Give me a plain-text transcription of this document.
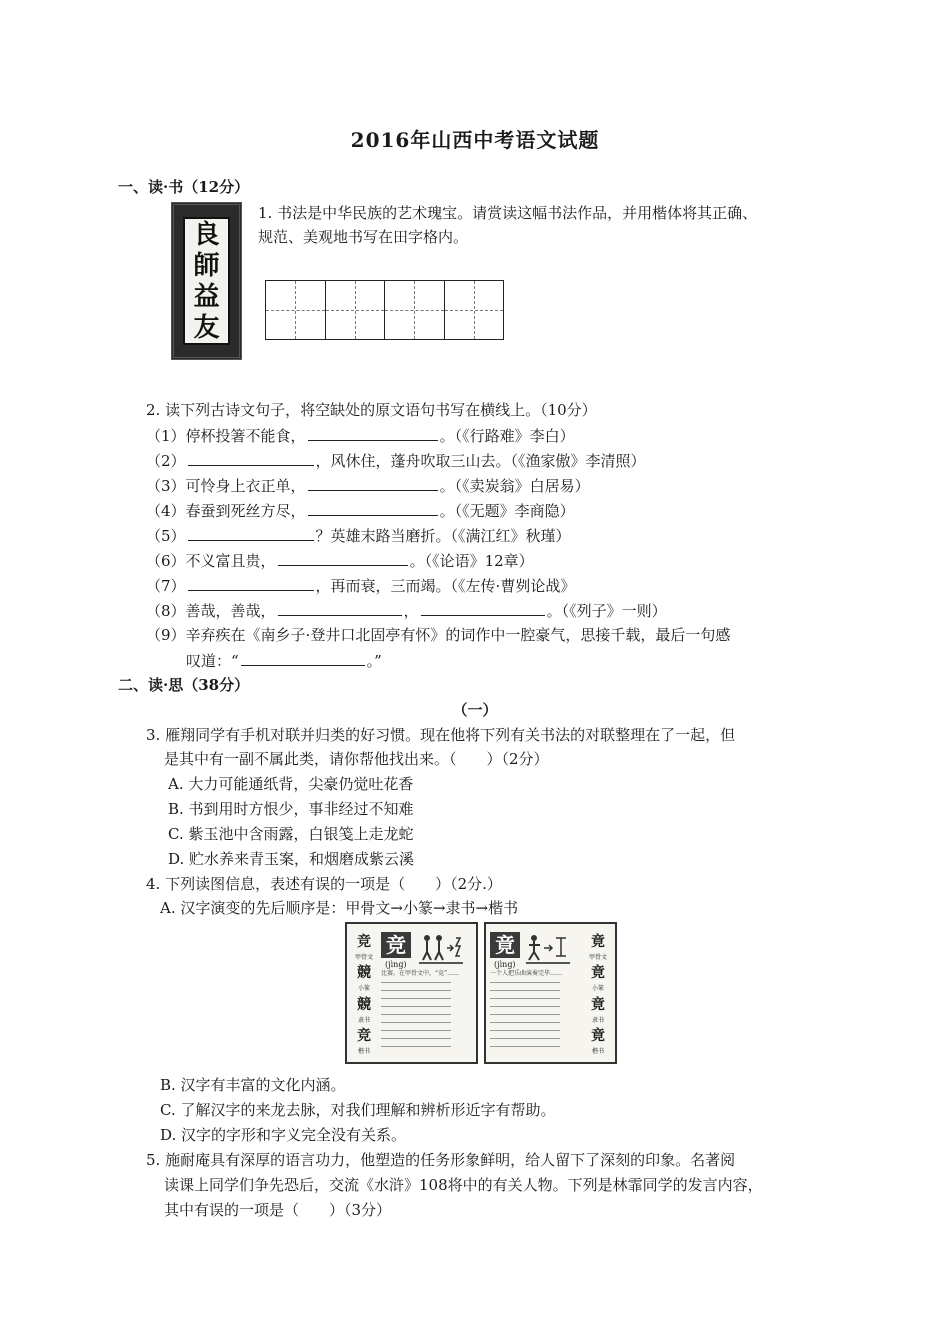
2016年山西中考语文试题
一、读·书（12分）
良
師
益
友
1. 书法是中华民族的艺术瑰宝。请赏读这幅书法作品，并用楷体将其正确、
规范、美观地书写在田字格内。
2. 读下列古诗文句子，将空缺处的原文语句书写在横线上。（10分）
（1）停杯投箸不能食，	。（《行路难》李白）
（2）	，风休住，蓬舟吹取三山去。（《渔家傲》李清照）
（3）可怜身上衣正单，	。（《卖炭翁》白居易）
（4）春蚕到死丝方尽，	。（《无题》李商隐）
（5）	？英雄末路当磨折。（《满江红》秋瑾）
（6）不义富且贵，	。（《论语》12章）
（7）	，再而衰，三而竭。（《左传·曹刿论战》
（8）善哉，善哉，	，	。（《列子》一则）
（9）辛弃疾在《南乡子·登井口北固亭有怀》的词作中一腔豪气，思接千载，最后一句感
叹道：“	。”
二、读·思（38分）
（一）
3. 雁翔同学有手机对联并归类的好习惯。现在他将下列有关书法的对联整理在了一起，但
是其中有一副不属此类，请你帮他找出来。（　　）（2分）
A. 大力可能通纸背，尖豪仍觉吐花香
B. 书到用时方恨少，事非经过不知难
C. 紫玉池中含雨露，白银笺上走龙蛇
D. 贮水养来青玉案，和烟磨成紫云溪
4. 下列读图信息，表述有误的一项是（　　）（2分.）
A. 汉字演变的先后顺序是：甲骨文→小篆→隶书→楷书
竞
甲骨文
競
小篆
競
隶书
竞
楷书
竞
(jìng)
比赛。在甲骨文中，“竞”……
竟
(jìng)
一个人把乐曲演奏完毕……
竟
甲骨文
竟
小篆
竟
隶书
竟
楷书
B. 汉字有丰富的文化内涵。
C. 了解汉字的来龙去脉，对我们理解和辨析形近字有帮助。
D. 汉字的字形和字义完全没有关系。
5. 施耐庵具有深厚的语言功力，他塑造的任务形象鲜明，给人留下了深刻的印象。名著阅
读课上同学们争先恐后，交流《水浒》108将中的有关人物。下列是林霏同学的发言内容，
其中有误的一项是（　　）（3分）
